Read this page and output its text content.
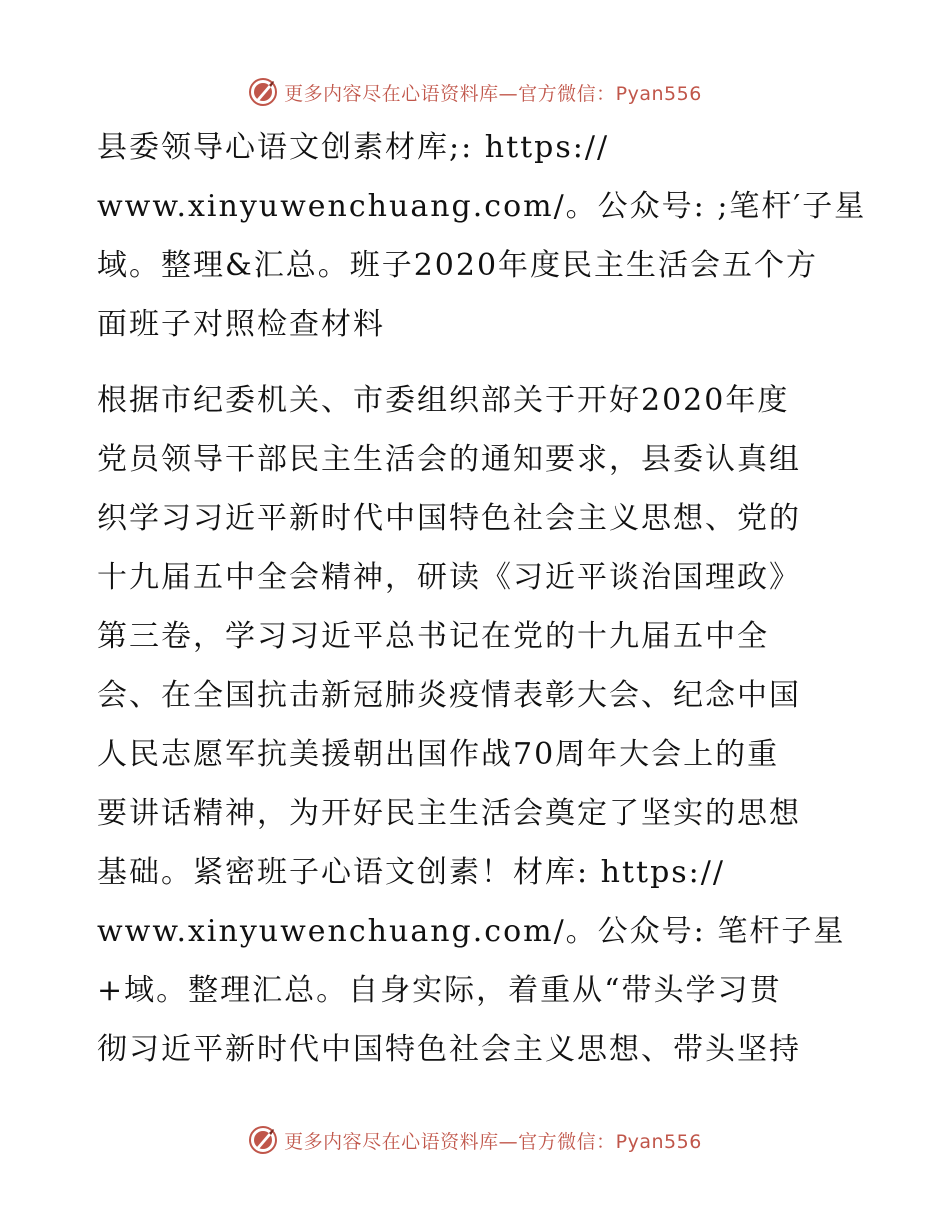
更多内容尽在心语资料库—官方微信：Pyan556

县委领导心语文创素材库;: https://
www.xinyuwenchuang.com/。公众号: ;笔杆′子星
域。整理&汇总。班子2020年度民主生活会五个方
面班子对照检查材料

根据市纪委机关、市委组织部关于开好2020年度
党员领导干部民主生活会的通知要求，县委认真组
织学习习近平新时代中国特色社会主义思想、党的
十九届五中全会精神，研读《习近平谈治国理政》
第三卷，学习习近平总书记在党的十九届五中全
会、在全国抗击新冠肺炎疫情表彰大会、纪念中国
人民志愿军抗美援朝出国作战70周年大会上的重
要讲话精神，为开好民主生活会奠定了坚实的思想
基础。紧密班子心语文创素！材库: https://
www.xinyuwenchuang.com/。公众号: 笔杆子星
+域。整理汇总。自身实际，着重从“带头学习贯
彻习近平新时代中国特色社会主义思想、带头坚持

更多内容尽在心语资料库—官方微信：Pyan556
